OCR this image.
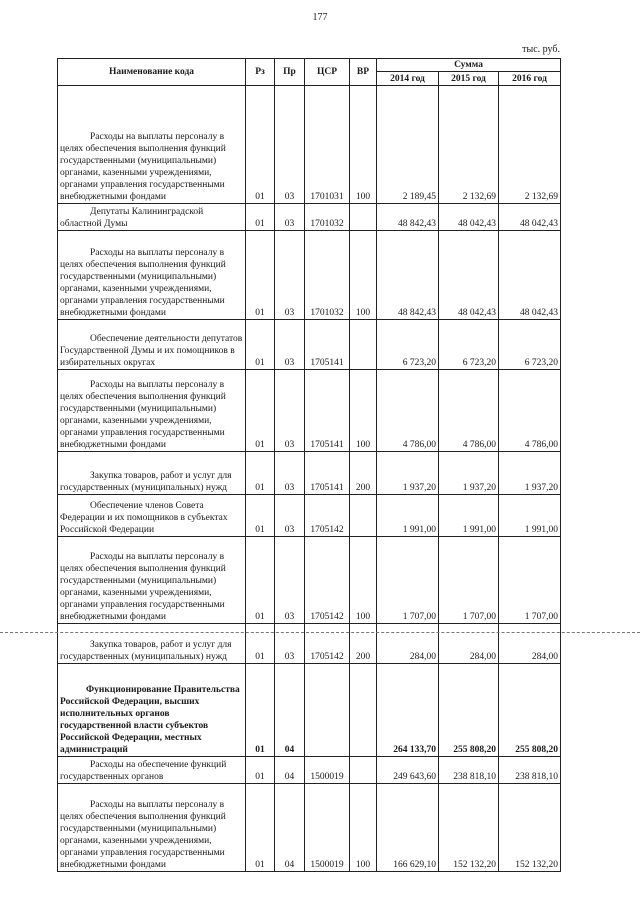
177
тыс. руб.
Наименование кода	Рз	Пр	ЦСР	ВР	Сумма		
					2014 год	2015 год	2016 год
Расходы на выплаты персоналу в целях обеспечения выполнения функций государственными (муниципальными) органами, казенными учреждениями, органами управления государственными внебюджетными фондами	01	03	1701031	100	2 189,45	2 132,69	2 132,69
Депутаты Калининградской областной Думы	01	03	1701032		48 842,43	48 042,43	48 042,43
Расходы на выплаты персоналу в целях обеспечения выполнения функций государственными (муниципальными) органами, казенными учреждениями, органами управления государственными внебюджетными фондами	01	03	1701032	100	48 842,43	48 042,43	48 042,43
Обеспечение деятельности депутатов Государственной Думы и их помощников в избирательных округах	01	03	1705141		6 723,20	6 723,20	6 723,20
Расходы на выплаты персоналу в целях обеспечения выполнения функций государственными (муниципальными) органами, казенными учреждениями, органами управления государственными внебюджетными фондами	01	03	1705141	100	4 786,00	4 786,00	4 786,00
Закупка товаров, работ и услуг для государственных (муниципальных) нужд	01	03	1705141	200	1 937,20	1 937,20	1 937,20
Обеспечение членов Совета Федерации и их помощников в субъектах Российской Федерации	01	03	1705142		1 991,00	1 991,00	1 991,00
Расходы на выплаты персоналу в целях обеспечения выполнения функций государственными (муниципальными) органами, казенными учреждениями, органами управления государственными внебюджетными фондами	01	03	1705142	100	1 707,00	1 707,00	1 707,00
Закупка товаров, работ и услуг для государственных (муниципальных) нужд	01	03	1705142	200	284,00	284,00	284,00
Функционирование Правительства Российской Федерации, высших исполнительных органов государственной власти субъектов Российской Федерации, местных администраций	01	04			264 133,70	255 808,20	255 808,20
Расходы на обеспечение функций государственных органов	01	04	1500019		249 643,60	238 818,10	238 818,10
Расходы на выплаты персоналу в целях обеспечения выполнения функций государственными (муниципальными) органами, казенными учреждениями, органами управления государственными внебюджетными фондами	01	04	1500019	100	166 629,10	152 132,20	152 132,20
